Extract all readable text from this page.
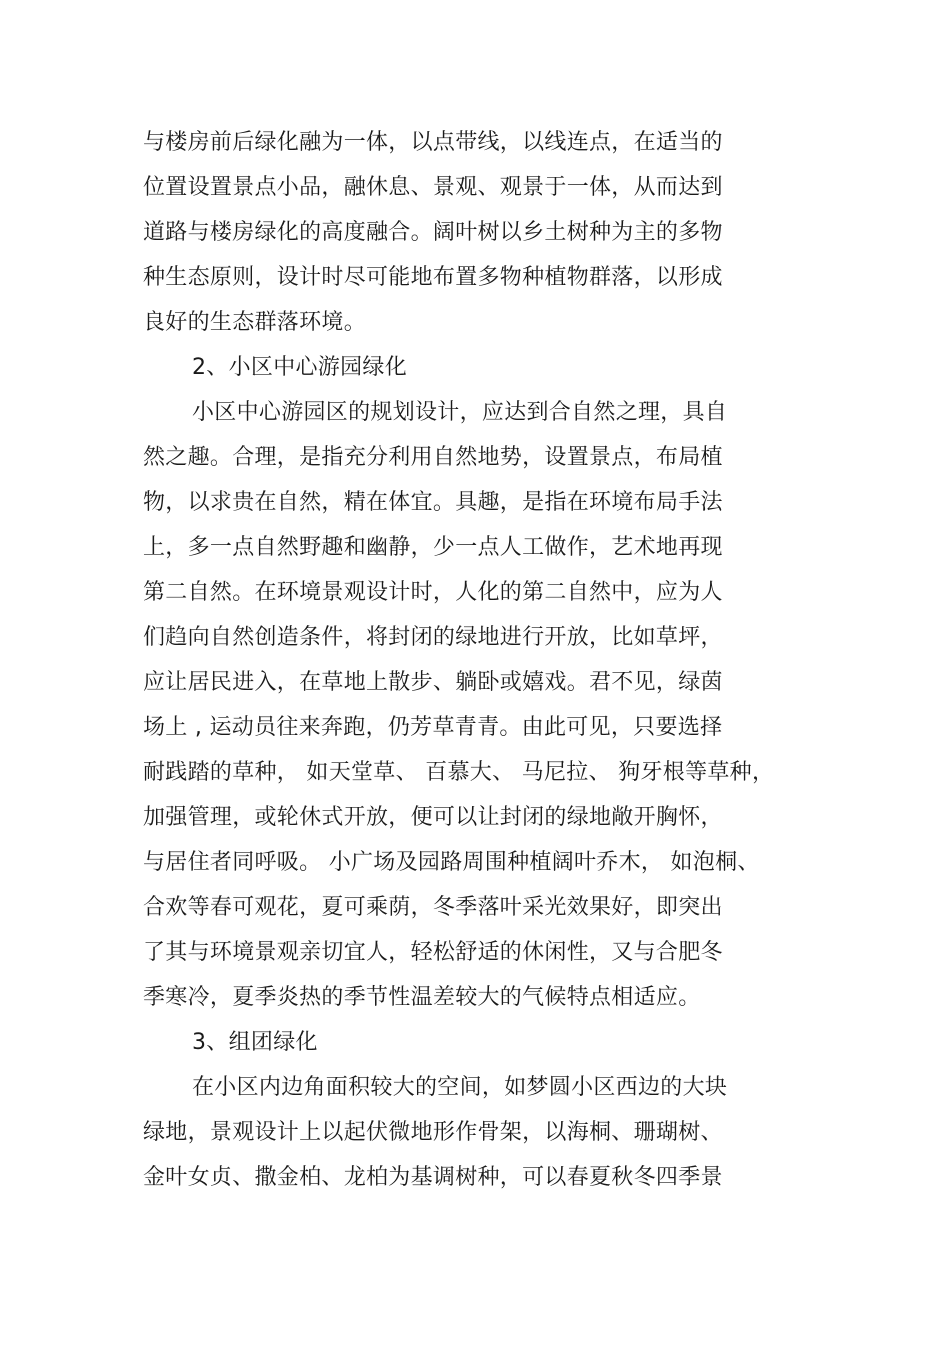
与楼房前后绿化融为一体，以点带线，以线连点，在适当的
位置设置景点小品，融休息、景观、观景于一体，从而达到
道路与楼房绿化的高度融合。阔叶树以乡土树种为主的多物
种生态原则，设计时尽可能地布置多物种植物群落，以形成
良好的生态群落环境。
2、小区中心游园绿化
小区中心游园区的规划设计，应达到合自然之理，具自
然之趣。合理，是指充分利用自然地势，设置景点，布局植
物，以求贵在自然，精在体宜。具趣，是指在环境布局手法
上，多一点自然野趣和幽静，少一点人工做作，艺术地再现
第二自然。在环境景观设计时，人化的第二自然中，应为人
们趋向自然创造条件，将封闭的绿地进行开放，比如草坪，
应让居民进入，在草地上散步、躺卧或嬉戏。君不见，绿茵
场上 , 运动员往来奔跑，仍芳草青青。由此可见，只要选择
耐践踏的草种， 如天堂草、 百慕大、 马尼拉、 狗牙根等草种，
加强管理，或轮休式开放，便可以让封闭的绿地敞开胸怀，
与居住者同呼吸。 小广场及园路周围种植阔叶乔木， 如泡桐、
合欢等春可观花，夏可乘荫，冬季落叶采光效果好，即突出
了其与环境景观亲切宜人，轻松舒适的休闲性，又与合肥冬
季寒冷，夏季炎热的季节性温差较大的气候特点相适应。
3、组团绿化
在小区内边角面积较大的空间，如梦圆小区西边的大块
绿地，景观设计上以起伏微地形作骨架，以海桐、珊瑚树、
金叶女贞、撒金柏、龙柏为基调树种，可以春夏秋冬四季景
